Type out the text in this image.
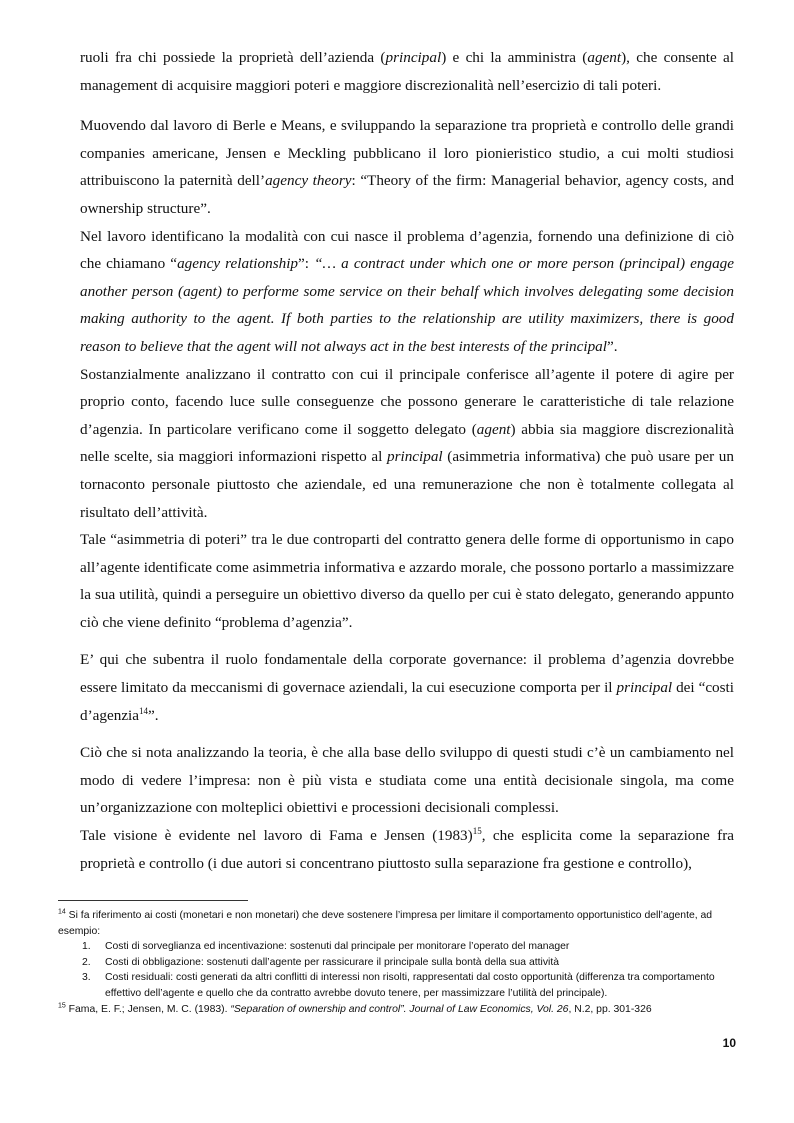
ruoli fra chi possiede la proprietà dell’azienda (principal) e chi la amministra (agent), che consente al management di acquisire maggiori poteri e maggiore discrezionalità nell’esercizio di tali poteri.

Muovendo dal lavoro di Berle e Means, e sviluppando la separazione tra proprietà e controllo delle grandi companies americane, Jensen e Meckling pubblicano il loro pionieristico studio, a cui molti studiosi attribuiscono la paternità dell’agency theory: “Theory of the firm: Managerial behavior, agency costs, and ownership structure”.

Nel lavoro identificano la modalità con cui nasce il problema d’agenzia, fornendo una definizione di ciò che chiamano “agency relationship”: “… a contract under which one or more person (principal) engage another person (agent) to performe some service on their behalf which involves delegating some decision making authority to the agent. If both parties to the relationship are utility maximizers, there is good reason to believe that the agent will not always act in the best interests of the principal”.

Sostanzialmente analizzano il contratto con cui il principale conferisce all’agente il potere di agire per proprio conto, facendo luce sulle conseguenze che possono generare le caratteristiche di tale relazione d’agenzia. In particolare verificano come il soggetto delegato (agent) abbia sia maggiore discrezionalità nelle scelte, sia maggiori informazioni rispetto al principal (asimmetria informativa) che può usare per un tornaconto personale piuttosto che aziendale, ed una remunerazione che non è totalmente collegata al risultato dell’attività.

Tale “asimmetria di poteri” tra le due controparti del contratto genera delle forme di opportunismo in capo all’agente identificate come asimmetria informativa e azzardo morale, che possono portarlo a massimizzare la sua utilità, quindi a perseguire un obiettivo diverso da quello per cui è stato delegato, generando appunto ciò che viene definito “problema d’agenzia”.

E’ qui che subentra il ruolo fondamentale della corporate governance: il problema d’agenzia dovrebbe essere limitato da meccanismi di governace aziendali, la cui esecuzione comporta per il principal dei “costi d’agenzia$^{14}$”.

Ciò che si nota analizzando la teoria, è che alla base dello sviluppo di questi studi c’è un cambiamento nel modo di vedere l’impresa: non è più vista e studiata come una entità decisionale singola, ma come un’organizzazione con molteplici obiettivi e processioni decisionali complessi.

Tale visione è evidente nel lavoro di Fama e Jensen $(1983)^{15}$, che esplicita come la separazione fra proprietà e controllo (i due autori si concentrano piuttosto sulla separazione fra gestione e controllo),

$^{14}$ Si fa riferimento ai costi (monetari e non monetari) che deve sostenere l’impresa per limitare il comportamento opportunistico dell’agente, ad esempio:

1. Costi di sorveglianza ed incentivazione: sostenuti dal principale per monitorare l’operato del manager
2. Costi di obbligazione: sostenuti dall’agente per rassicurare il principale sulla bontà della sua attività
3. Costi residuali: costi generati da altri conflitti di interessi non risolti, rappresentati dal costo opportunità (differenza tra comportamento effettivo dell’agente e quello che da contratto avrebbe dovuto tenere, per massimizzare l’utilità del principale).

$^{15}$ Fama, E. F.; Jensen, M. C. (1983). “Separation of ownership and control”. Journal of Law Economics, Vol. 26, N.2, pp. 301-326

10
